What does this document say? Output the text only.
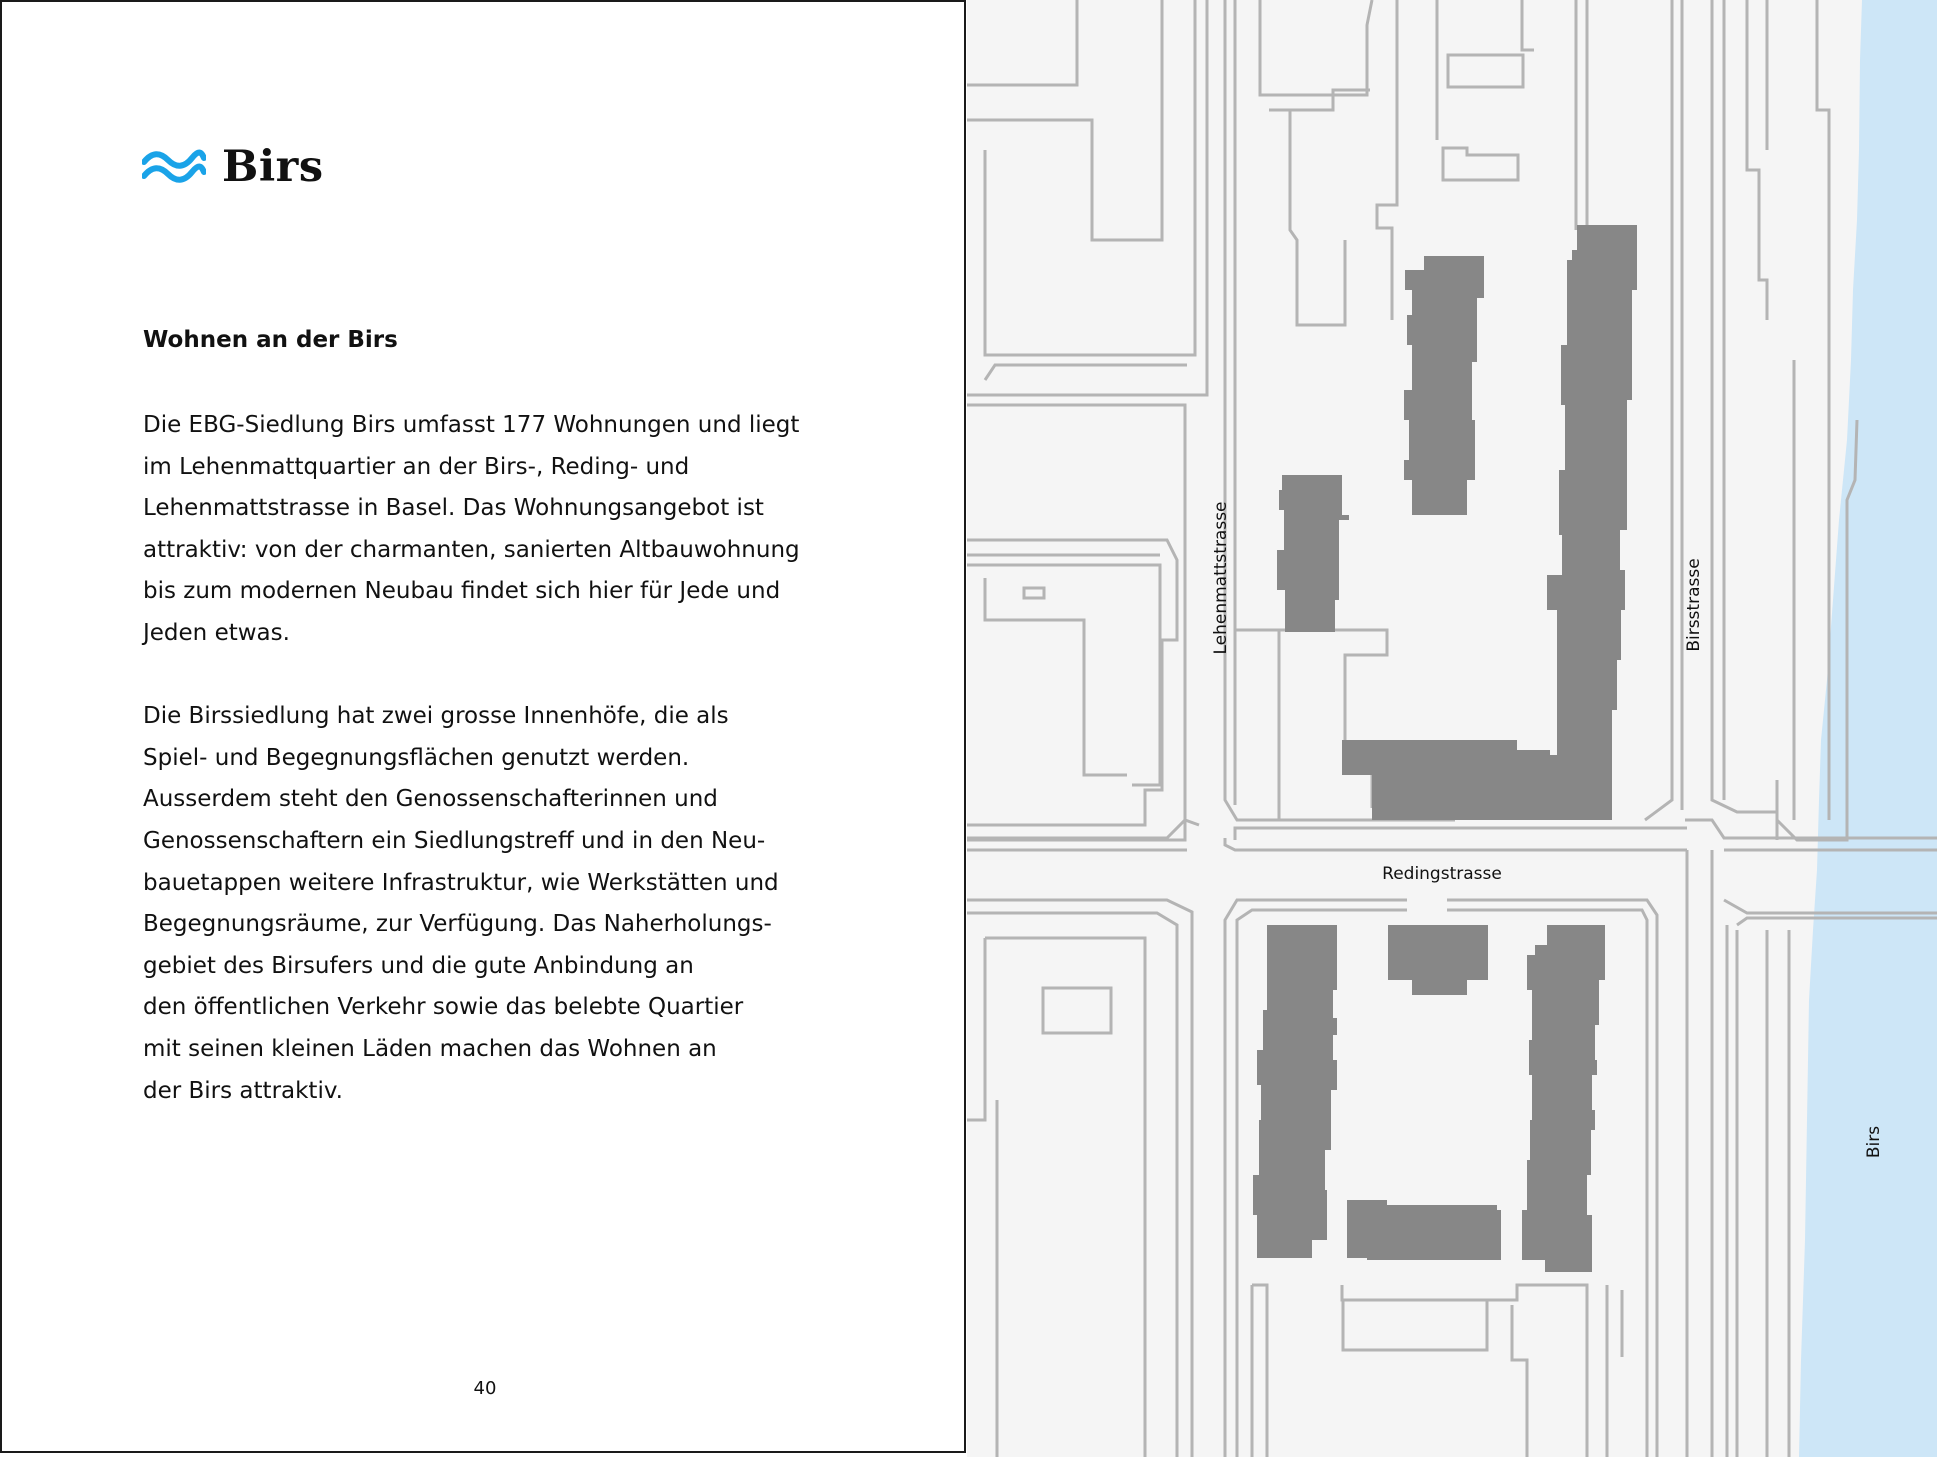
Birs
Wohnen an der Birs

Die EBG-Siedlung Birs umfasst 177 Wohnungen und liegt
im Lehenmattquartier an der Birs-, Reding- und
Lehenmattstrasse in Basel. Das Wohnungsangebot ist
attraktiv: von der charmanten, sanierten Altbauwohnung
bis zum modernen Neubau findet sich hier für Jede und
Jeden etwas.

Die Birssiedlung hat zwei grosse Innenhöfe, die als
Spiel- und Begegnungsflächen genutzt werden.
Ausserdem steht den Genossenschafterinnen und
Genossenschaftern ein Siedlungstreff und in den Neu-
bauetappen weitere Infrastruktur, wie Werkstätten und
Begegnungsräume, zur Verfügung. Das Naherholungs-
gebiet des Birsufers und die gute Anbindung an
den öffentlichen Verkehr sowie das belebte Quartier
mit seinen kleinen Läden machen das Wohnen an
der Birs attraktiv.

40
Lehenmattstrasse	Birsstrasse
Redingstrasse
Birs
